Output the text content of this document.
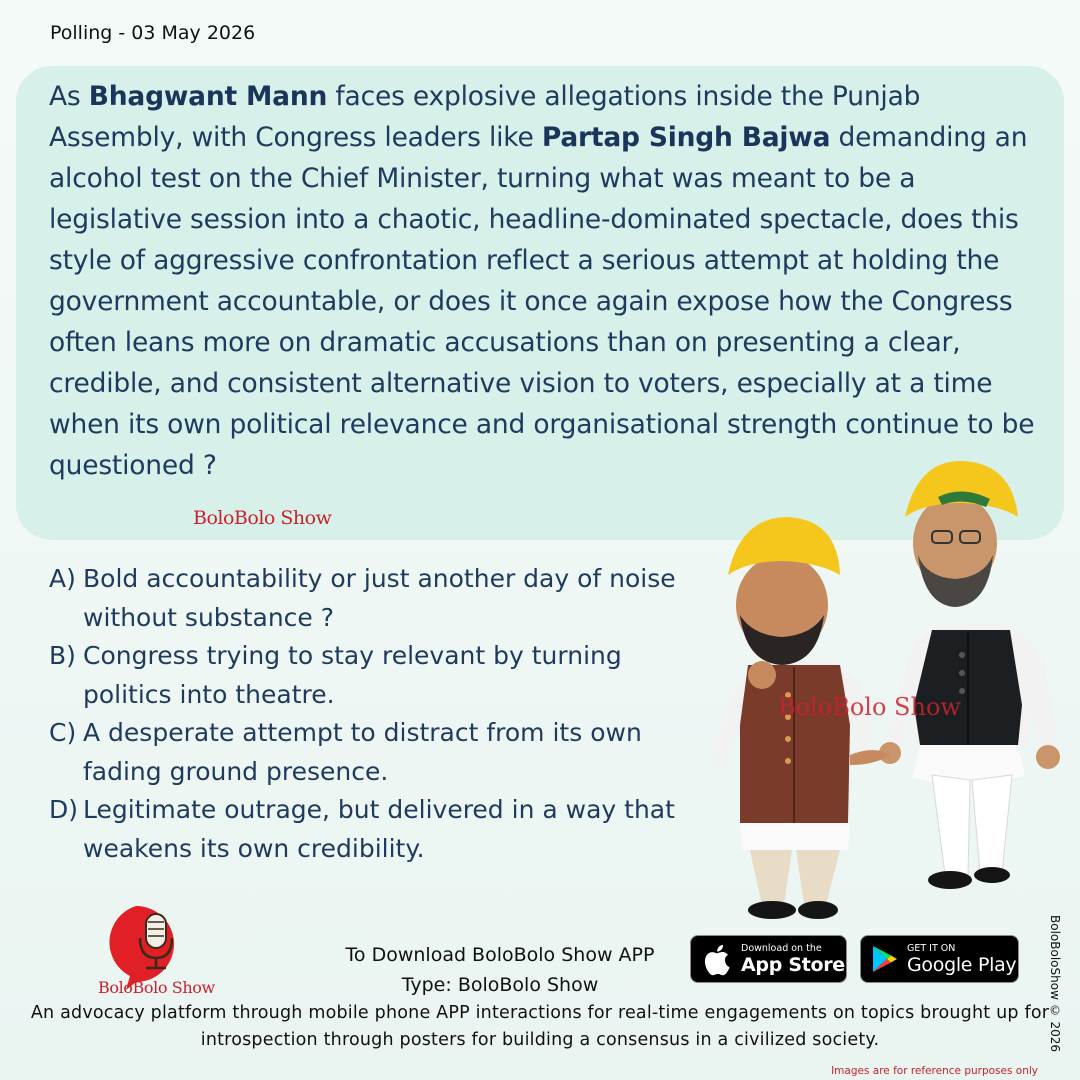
Polling - 03 May 2026
As Bhagwant Mann faces explosive allegations inside the Punjab Assembly, with Congress leaders like Partap Singh Bajwa demanding an alcohol test on the Chief Minister, turning what was meant to be a legislative session into a chaotic, headline-dominated spectacle, does this style of aggressive confrontation reflect a serious attempt at holding the government accountable, or does it once again expose how the Congress often leans more on dramatic accusations than on presenting a clear, credible, and consistent alternative vision to voters, especially at a time when its own political relevance and organisational strength continue to be questioned ?
BoloBolo Show
A) Bold accountability or just another day of noise without substance ?
B) Congress trying to stay relevant by turning politics into theatre.
C) A desperate attempt to distract from its own fading ground presence.
D) Legitimate outrage, but delivered in a way that weakens its own credibility.
BoloBolo Show
BoloBolo Show
To Download BoloBolo Show APP
Type: BoloBolo Show
Download on the
App Store
GET IT ON
Google Play
An advocacy platform through mobile phone APP interactions for real-time engagements on topics brought up for introspection through posters for building a consensus in a civilized society.	BoloBoloShow © 2026
Images are for reference purposes only
